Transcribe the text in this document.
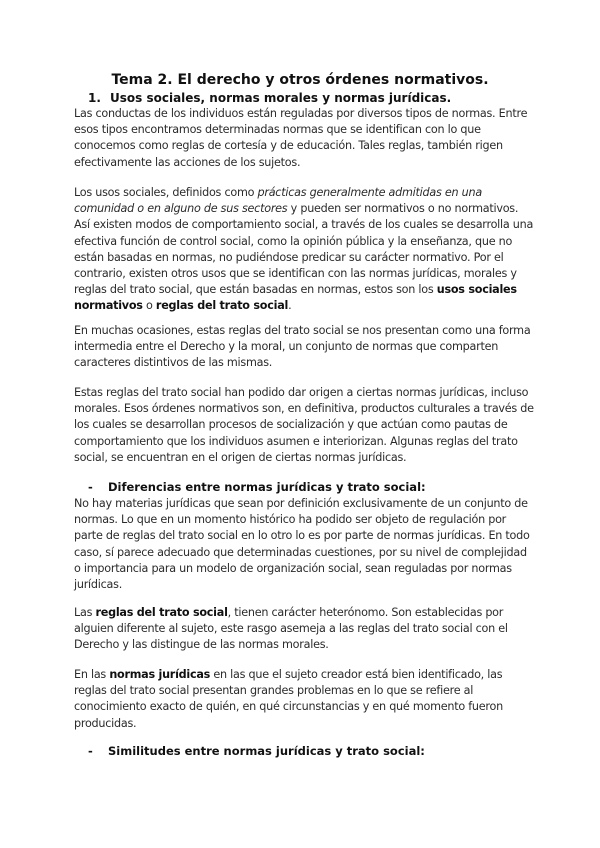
Tema 2. El derecho y otros órdenes normativos.
1. Usos sociales, normas morales y normas jurídicas.

Las conductas de los individuos están reguladas por diversos tipos de normas. Entre esos tipos encontramos determinadas normas que se identifican con lo que conocemos como reglas de cortesía y de educación. Tales reglas, también rigen efectivamente las acciones de los sujetos.

Los usos sociales, definidos como prácticas generalmente admitidas en una comunidad o en alguno de sus sectores y pueden ser normativos o no normativos. Así existen modos de comportamiento social, a través de los cuales se desarrolla una efectiva función de control social, como la opinión pública y la enseñanza, que no están basadas en normas, no pudiéndose predicar su carácter normativo. Por el contrario, existen otros usos que se identifican con las normas jurídicas, morales y reglas del trato social, que están basadas en normas, estos son los usos sociales normativos o reglas del trato social.

En muchas ocasiones, estas reglas del trato social se nos presentan como una forma intermedia entre el Derecho y la moral, un conjunto de normas que comparten caracteres distintivos de las mismas.

Estas reglas del trato social han podido dar origen a ciertas normas jurídicas, incluso morales. Esos órdenes normativos son, en definitiva, productos culturales a través de los cuales se desarrollan procesos de socialización y que actúan como pautas de comportamiento que los individuos asumen e interiorizan. Algunas reglas del trato social, se encuentran en el origen de ciertas normas jurídicas.

- Diferencias entre normas jurídicas y trato social:

No hay materias jurídicas que sean por definición exclusivamente de un conjunto de normas. Lo que en un momento histórico ha podido ser objeto de regulación por parte de reglas del trato social en lo otro lo es por parte de normas jurídicas. En todo caso, sí parece adecuado que determinadas cuestiones, por su nivel de complejidad o importancia para un modelo de organización social, sean reguladas por normas jurídicas.

Las reglas del trato social, tienen carácter heterónomo. Son establecidas por alguien diferente al sujeto, este rasgo asemeja a las reglas del trato social con el Derecho y las distingue de las normas morales.

En las normas jurídicas en las que el sujeto creador está bien identificado, las reglas del trato social presentan grandes problemas en lo que se refiere al conocimiento exacto de quién, en qué circunstancias y en qué momento fueron producidas.

- Similitudes entre normas jurídicas y trato social:
